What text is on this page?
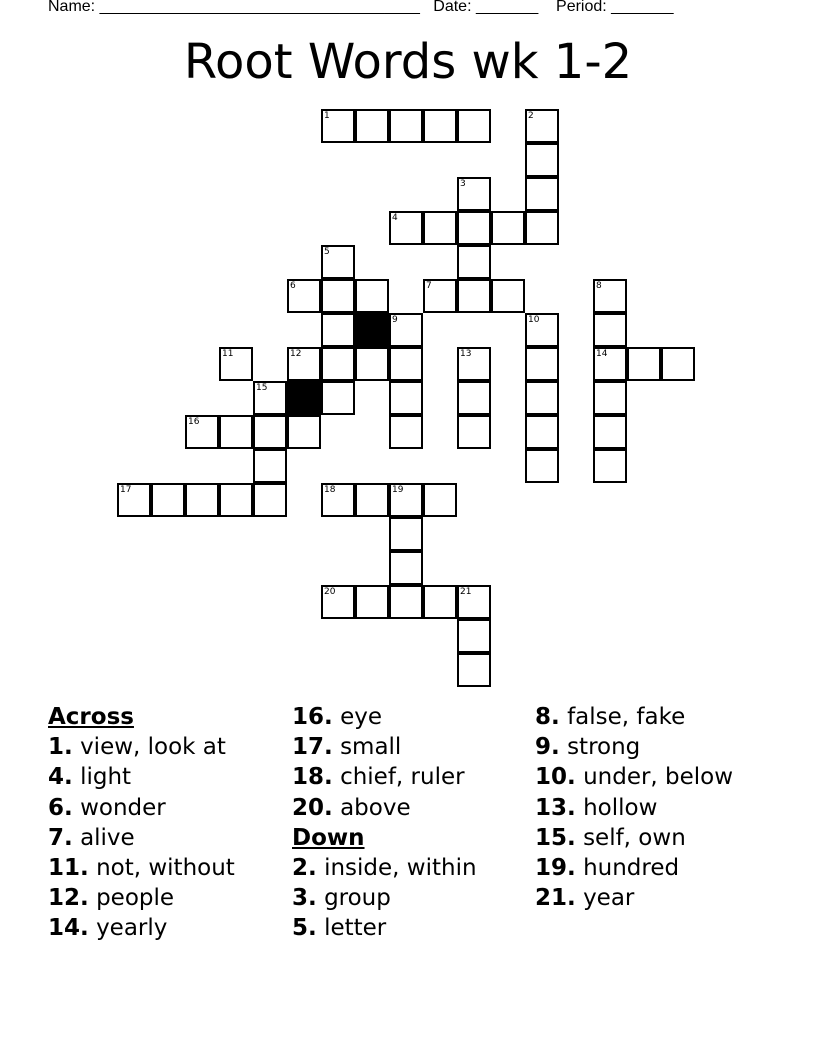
Name: ____________________________________ Date: _______ Period: _______
Root Words wk 1-2
1	2
3
4
5
6	7	8
9	10
11	12	13	14
15
16
17	18	19
20	21
Across
1. view, look at
4. light
6. wonder
7. alive
11. not, without
12. people
14. yearly
16. eye
17. small
18. chief, ruler
20. above
Down
2. inside, within
3. group
5. letter
8. false, fake
9. strong
10. under, below
13. hollow
15. self, own
19. hundred
21. year
